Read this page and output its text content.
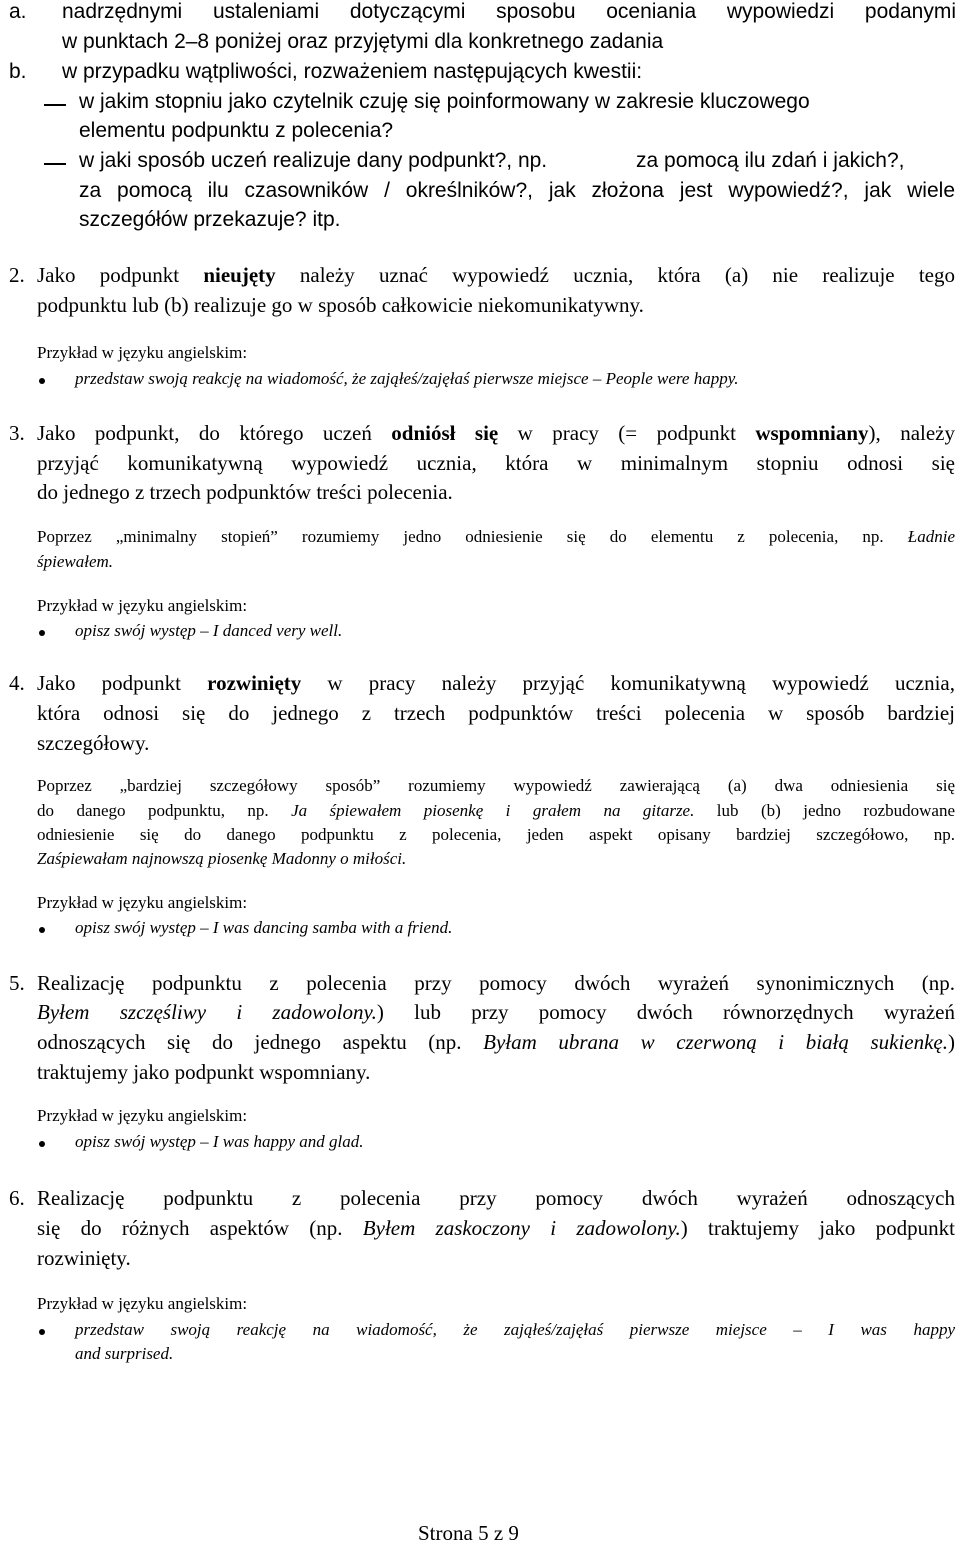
a. nadrzędnymi ustaleniami dotyczącymi sposobu oceniania wypowiedzi podanymi
w punktach 2–8 poniżej oraz przyjętymi dla konkretnego zadania
b. w przypadku wątpliwości, rozważeniem następujących kwestii:
w jakim stopniu jako czytelnik czuję się poinformowany w zakresie kluczowego
elementu podpunktu z polecenia?
w jaki sposób uczeń realizuje dany podpunkt?, np.	za pomocą ilu zdań i jakich?,
za pomocą ilu czasowników / określników?, jak złożona jest wypowiedź?, jak wiele
szczegółów przekazuje? itp.
2. Jako podpunkt nieujęty należy uznać wypowiedź ucznia, która (a) nie realizuje tego
podpunktu lub (b) realizuje go w sposób całkowicie niekomunikatywny.
Przykład w języku angielskim:
przedstaw swoją reakcję na wiadomość, że zająłeś/zajęłaś pierwsze miejsce – People were happy.
3. Jako podpunkt, do którego uczeń odniósł się w pracy (= podpunkt wspomniany), należy
przyjąć komunikatywną wypowiedź ucznia, która w minimalnym stopniu odnosi się
do jednego z trzech podpunktów treści polecenia.
Poprzez „minimalny stopień” rozumiemy jedno odniesienie się do elementu z polecenia, np. Ładnie
śpiewałem.
Przykład w języku angielskim:
opisz swój występ – I danced very well.
4. Jako podpunkt rozwinięty w pracy należy przyjąć komunikatywną wypowiedź ucznia,
która odnosi się do jednego z trzech podpunktów treści polecenia w sposób bardziej
szczegółowy.
Poprzez „bardziej szczegółowy sposób” rozumiemy wypowiedź zawierającą (a) dwa odniesienia się
do danego podpunktu, np. Ja śpiewałem piosenkę i grałem na gitarze. lub (b) jedno rozbudowane
odniesienie się do danego podpunktu z polecenia, jeden aspekt opisany bardziej szczegółowo, np.
Zaśpiewałam najnowszą piosenkę Madonny o miłości.
Przykład w języku angielskim:
opisz swój występ – I was dancing samba with a friend.
5. Realizację podpunktu z polecenia przy pomocy dwóch wyrażeń synonimicznych (np.
Byłem szczęśliwy i zadowolony.) lub przy pomocy dwóch równorzędnych wyrażeń
odnoszących się do jednego aspektu (np. Byłam ubrana w czerwoną i białą sukienkę.)
traktujemy jako podpunkt wspomniany.
Przykład w języku angielskim:
opisz swój występ – I was happy and glad.
6. Realizację podpunktu z polecenia przy pomocy dwóch wyrażeń odnoszących
się do różnych aspektów (np. Byłem zaskoczony i zadowolony.) traktujemy jako podpunkt
rozwinięty.
Przykład w języku angielskim:
przedstaw swoją reakcję na wiadomość, że zająłeś/zajęłaś pierwsze miejsce – I was happy
and surprised.
Strona 5 z 9
